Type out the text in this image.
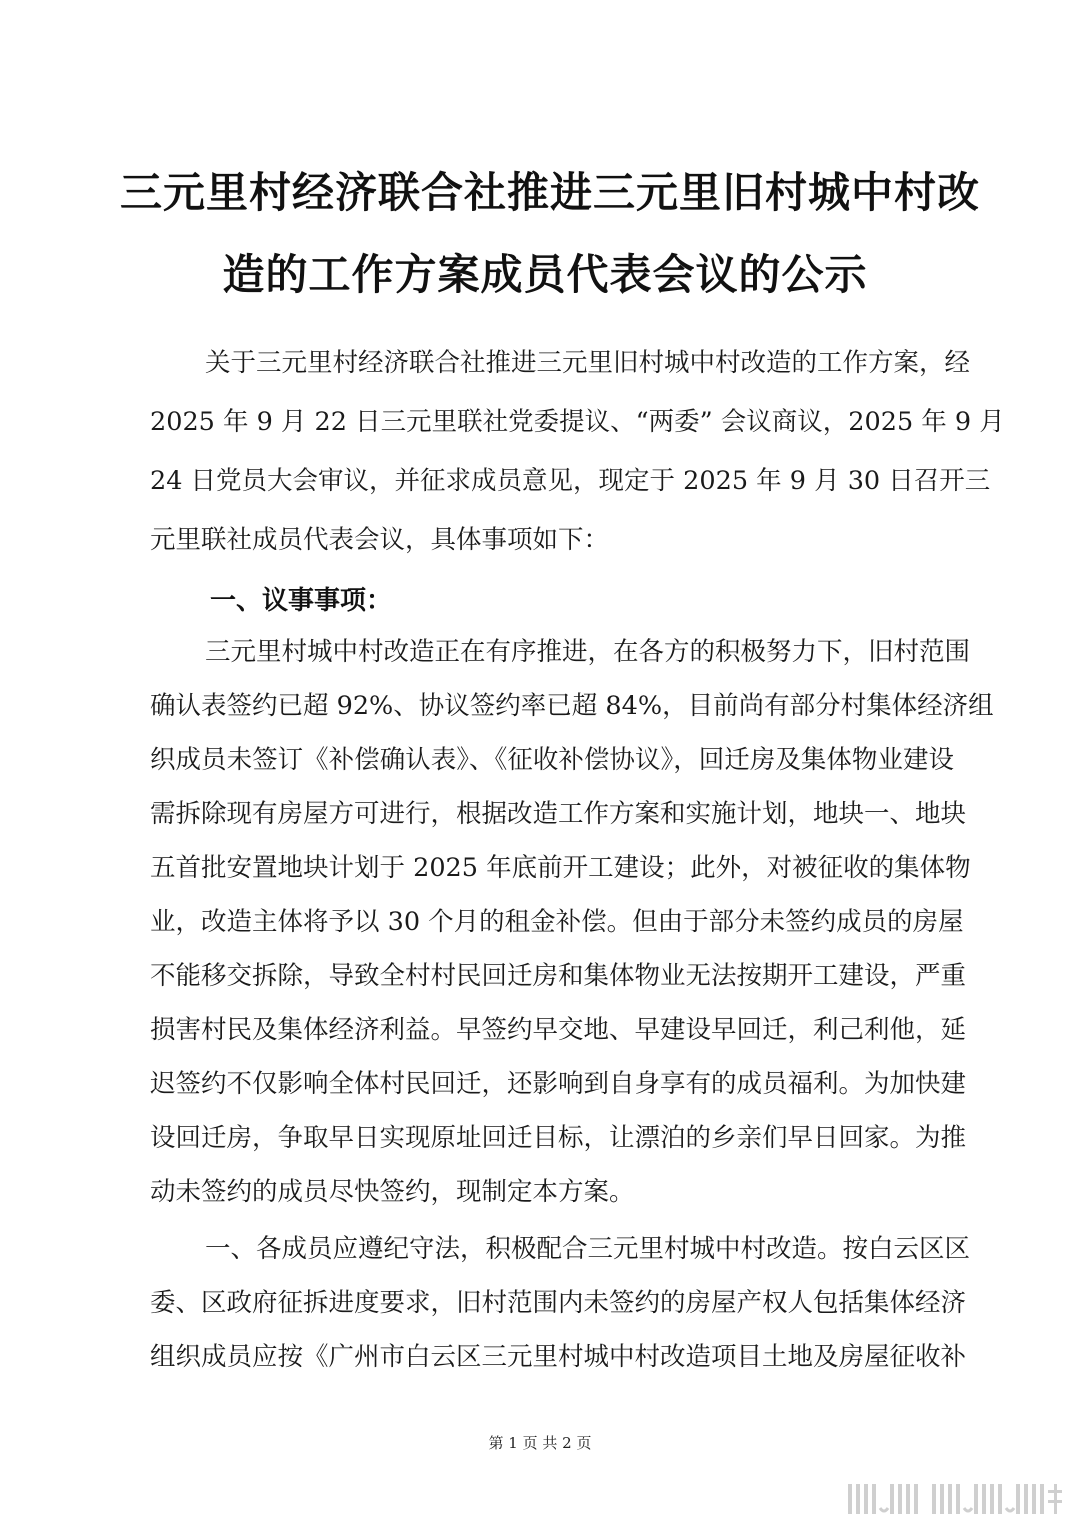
三元里村经济联合社推进三元里旧村城中村改
造的工作方案成员代表会议的公示
关于三元里村经济联合社推进三元里旧村城中村改造的工作方案，经
2025 年 9 月 22 日三元里联社党委提议、“两委” 会议商议，2025 年 9 月
24 日党员大会审议，并征求成员意见，现定于 2025 年 9 月 30 日召开三
元里联社成员代表会议，具体事项如下：
一、议事事项：
三元里村城中村改造正在有序推进，在各方的积极努力下，旧村范围
确认表签约已超 92%、协议签约率已超 84%，目前尚有部分村集体经济组
织成员未签订《补偿确认表》、《征收补偿协议》，回迁房及集体物业建设
需拆除现有房屋方可进行，根据改造工作方案和实施计划，地块一、地块
五首批安置地块计划于 2025 年底前开工建设；此外，对被征收的集体物
业，改造主体将予以 30 个月的租金补偿。但由于部分未签约成员的房屋
不能移交拆除，导致全村村民回迁房和集体物业无法按期开工建设，严重
损害村民及集体经济利益。早签约早交地、早建设早回迁，利己利他，延
迟签约不仅影响全体村民回迁，还影响到自身享有的成员福利。为加快建
设回迁房，争取早日实现原址回迁目标，让漂泊的乡亲们早日回家。为推
动未签约的成员尽快签约，现制定本方案。
一、各成员应遵纪守法，积极配合三元里村城中村改造。按白云区区
委、区政府征拆进度要求，旧村范围内未签约的房屋产权人包括集体经济
组织成员应按《广州市白云区三元里村城中村改造项目土地及房屋征收补
第 1 页 共 2 页
